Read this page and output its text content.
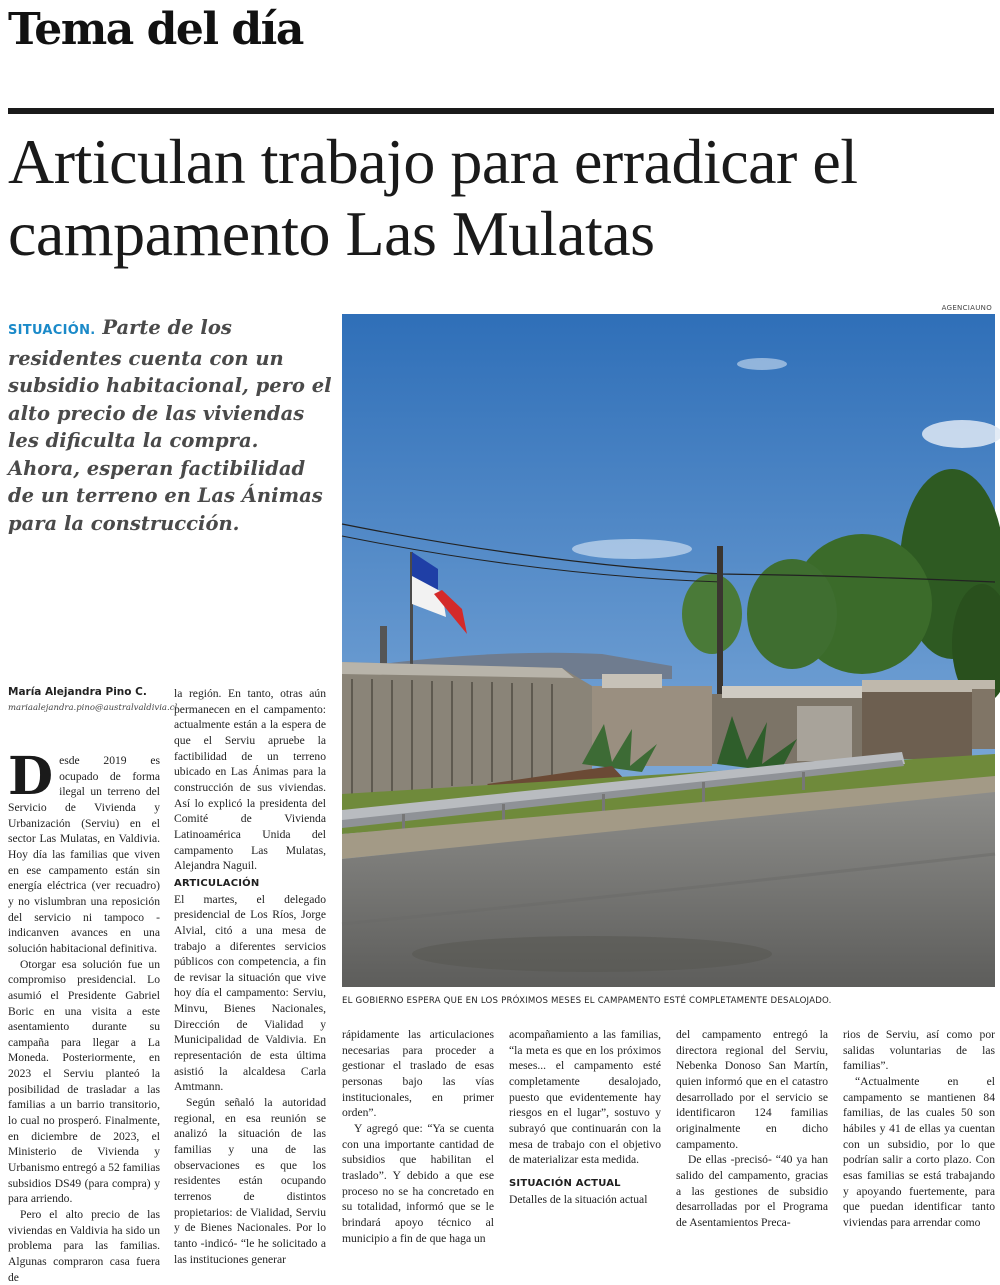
Tema del día
Articulan trabajo para erradicar el campamento Las Mulatas
SITUACIÓN. Parte de los residentes cuenta con un subsidio habitacional, pero el alto precio de las viviendas les dificulta la compra. Ahora, esperan factibilidad de un terreno en Las Ánimas para la construcción.
AGENCIAUNO
EL GOBIERNO ESPERA QUE EN LOS PRÓXIMOS MESES EL CAMPAMENTO ESTÉ COMPLETAMENTE DESALOJADO.
María Alejandra Pino C.
mariaalejandra.pino@australvaldivia.cl
D esde 2019 es ocupado de forma ilegal un terreno del Servicio de Vivienda y Urbanización (Serviu) en el sector Las Mulatas, en Valdivia. Hoy día las familias que viven en ese campamento están sin energía eléctrica (ver recuadro) y no vislumbran una reposición del servicio ni tampoco -indicanven avances en una solución habitacional definitiva.

Otorgar esa solución fue un compromiso presidencial. Lo asumió el Presidente Gabriel Boric en una visita a este asentamiento durante su campaña para llegar a La Moneda. Posteriormente, en 2023 el Serviu planteó la posibilidad de trasladar a las familias a un barrio transitorio, lo cual no prosperó. Finalmente, en diciembre de 2023, el Ministerio de Vivienda y Urbanismo entregó a 52 familias subsidios DS49 (para compra) y para arriendo.

Pero el alto precio de las viviendas en Valdivia ha sido un problema para las familias. Algunas compraron casa fuera de

la región. En tanto, otras aún permanecen en el campamento: actualmente están a la espera de que el Serviu apruebe la factibilidad de un terreno ubicado en Las Ánimas para la construcción de sus viviendas. Así lo explicó la presidenta del Comité de Vivienda Latinoamérica Unida del campamento Las Mulatas, Alejandra Naguil.

ARTICULACIÓN

El martes, el delegado presidencial de Los Ríos, Jorge Alvial, citó a una mesa de trabajo a diferentes servicios públicos con competencia, a fin de revisar la situación que vive hoy día el campamento: Serviu, Minvu, Bienes Nacionales, Dirección de Vialidad y Municipalidad de Valdivia. En representación de esta última asistió la alcaldesa Carla Amtmann.

Según señaló la autoridad regional, en esa reunión se analizó la situación de las familias y una de las observaciones es que los residentes están ocupando terrenos de distintos propietarios: de Vialidad, Serviu y de Bienes Nacionales. Por lo tanto -indicó- “le he solicitado a las instituciones generar

rápidamente las articulaciones necesarias para proceder a gestionar el traslado de esas personas bajo las vías institucionales, en primer orden”.

Y agregó que: “Ya se cuenta con una importante cantidad de subsidios que habilitan el traslado”. Y debido a que ese proceso no se ha concretado en su totalidad, informó que se le brindará apoyo técnico al municipio a fin de que haga un

acompañamiento a las familias, “la meta es que en los próximos meses... el campamento esté completamente desalojado, puesto que evidentemente hay riesgos en el lugar”, sostuvo y subrayó que continuarán con la mesa de trabajo con el objetivo de materializar esta medida.

SITUACIÓN ACTUAL

Detalles de la situación actual

del campamento entregó la directora regional del Serviu, Nebenka Donoso San Martín, quien informó que en el catastro desarrollado por el servicio se identificaron 124 familias originalmente en dicho campamento.

De ellas -precisó- “40 ya han salido del campamento, gracias a las gestiones de subsidio desarrolladas por el Programa de Asentamientos Preca-

rios de Serviu, así como por salidas voluntarias de las familias”.

“Actualmente en el campamento se mantienen 84 familias, de las cuales 50 son hábiles y 41 de ellas ya cuentan con un subsidio, por lo que podrían salir a corto plazo. Con esas familias se está trabajando y apoyando fuertemente, para que puedan identificar tanto viviendas para arrendar como
